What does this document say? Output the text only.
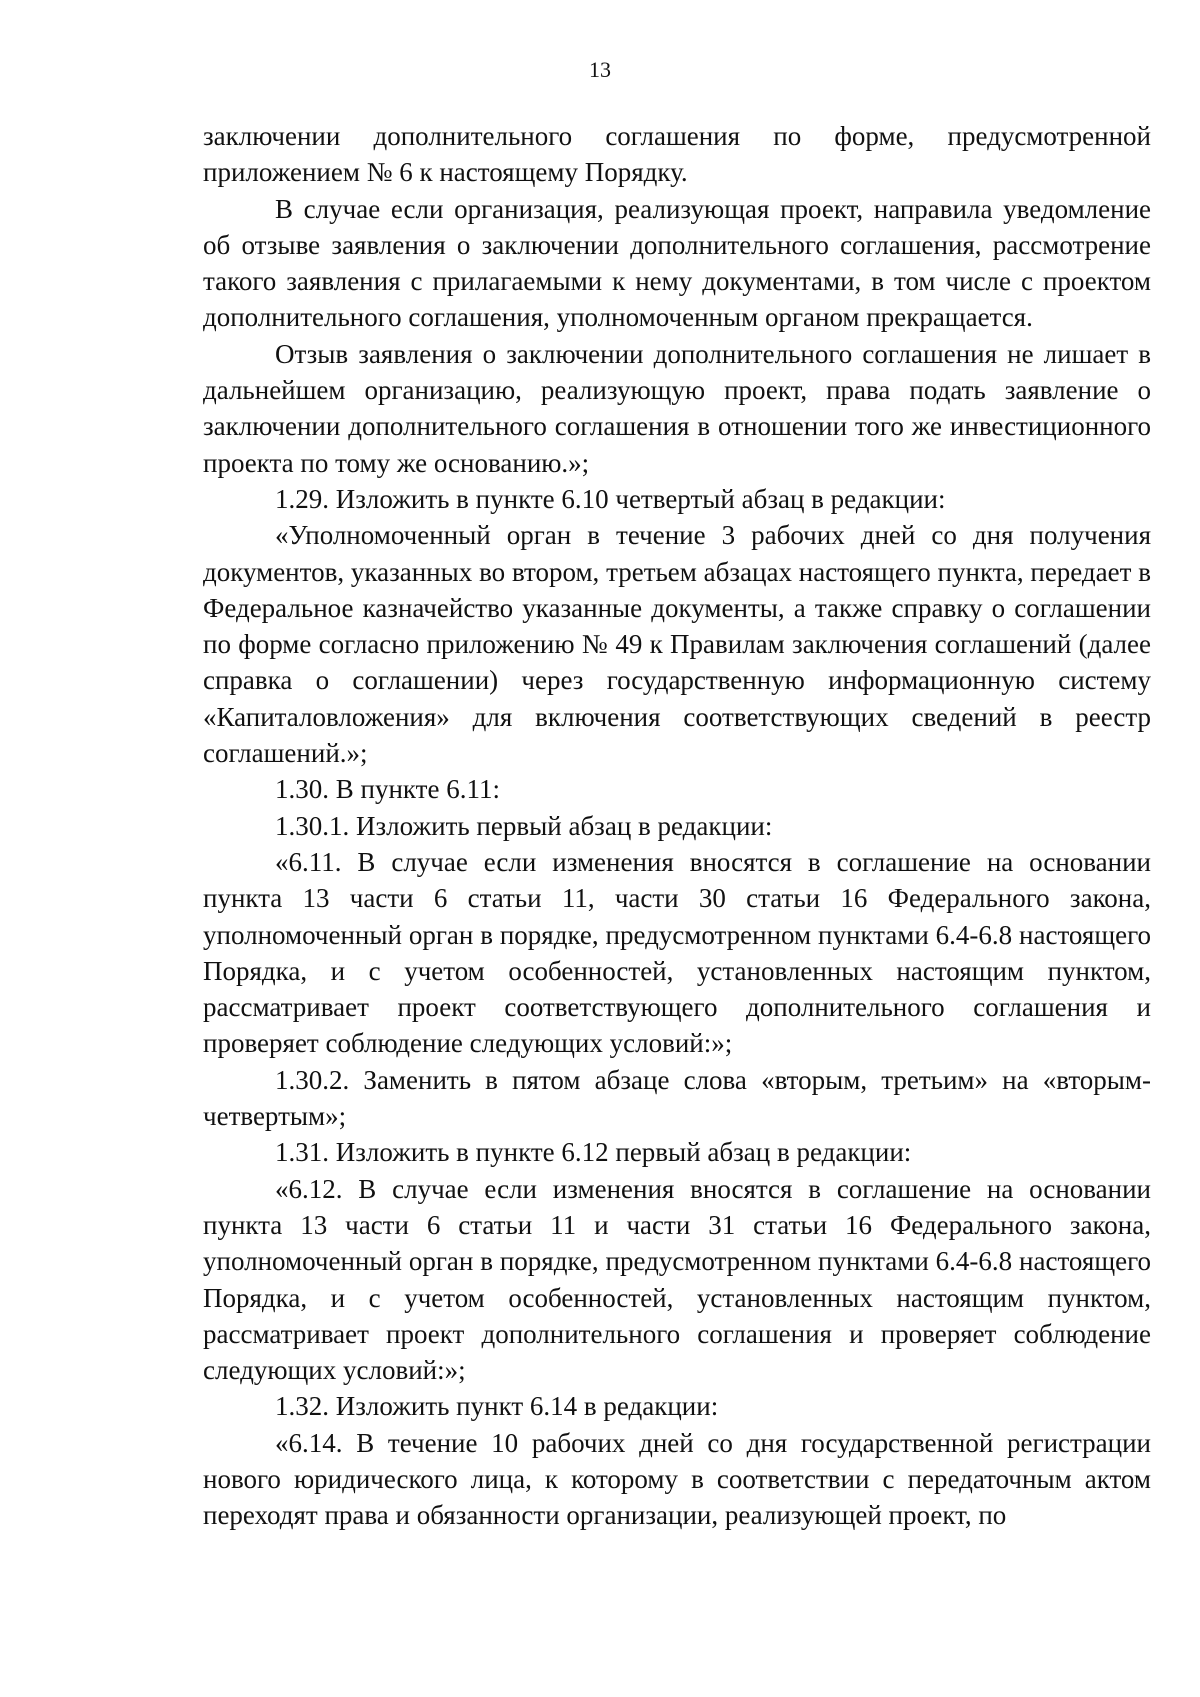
13

заключении дополнительного соглашения по форме, предусмотренной приложением № 6 к настоящему Порядку.

В случае если организация, реализующая проект, направила уведомление об отзыве заявления о заключении дополнительного соглашения, рассмотрение такого заявления с прилагаемыми к нему документами, в том числе с проектом дополнительного соглашения, уполномоченным органом прекращается.

Отзыв заявления о заключении дополнительного соглашения не лишает в дальнейшем организацию, реализующую проект, права подать заявление о заключении дополнительного соглашения в отношении того же инвестиционного проекта по тому же основанию.»;

1.29. Изложить в пункте 6.10 четвертый абзац в редакции:

«Уполномоченный орган в течение 3 рабочих дней со дня получения документов, указанных во втором, третьем абзацах настоящего пункта, передает в Федеральное казначейство указанные документы, а также справку о соглашении по форме согласно приложению № 49 к Правилам заключения соглашений (далее справка о соглашении) через государственную информационную систему «Капиталовложения» для включения соответствующих сведений в реестр соглашений.»;

1.30. В пункте 6.11:

1.30.1. Изложить первый абзац в редакции:

«6.11. В случае если изменения вносятся в соглашение на основании пункта 13 части 6 статьи 11, части 30 статьи 16 Федерального закона, уполномоченный орган в порядке, предусмотренном пунктами 6.4-6.8 настоящего Порядка, и с учетом особенностей, установленных настоящим пунктом, рассматривает проект соответствующего дополнительного соглашения и проверяет соблюдение следующих условий:»;

1.30.2. Заменить в пятом абзаце слова «вторым, третьим» на «вторым-четвертым»;

1.31. Изложить в пункте 6.12 первый абзац в редакции:

«6.12. В случае если изменения вносятся в соглашение на основании пункта 13 части 6 статьи 11 и части 31 статьи 16 Федерального закона, уполномоченный орган в порядке, предусмотренном пунктами 6.4-6.8 настоящего Порядка, и с учетом особенностей, установленных настоящим пунктом, рассматривает проект дополнительного соглашения и проверяет соблюдение следующих условий:»;

1.32. Изложить пункт 6.14 в редакции:

«6.14. В течение 10 рабочих дней со дня государственной регистрации нового юридического лица, к которому в соответствии с передаточным актом переходят права и обязанности организации, реализующей проект, по
